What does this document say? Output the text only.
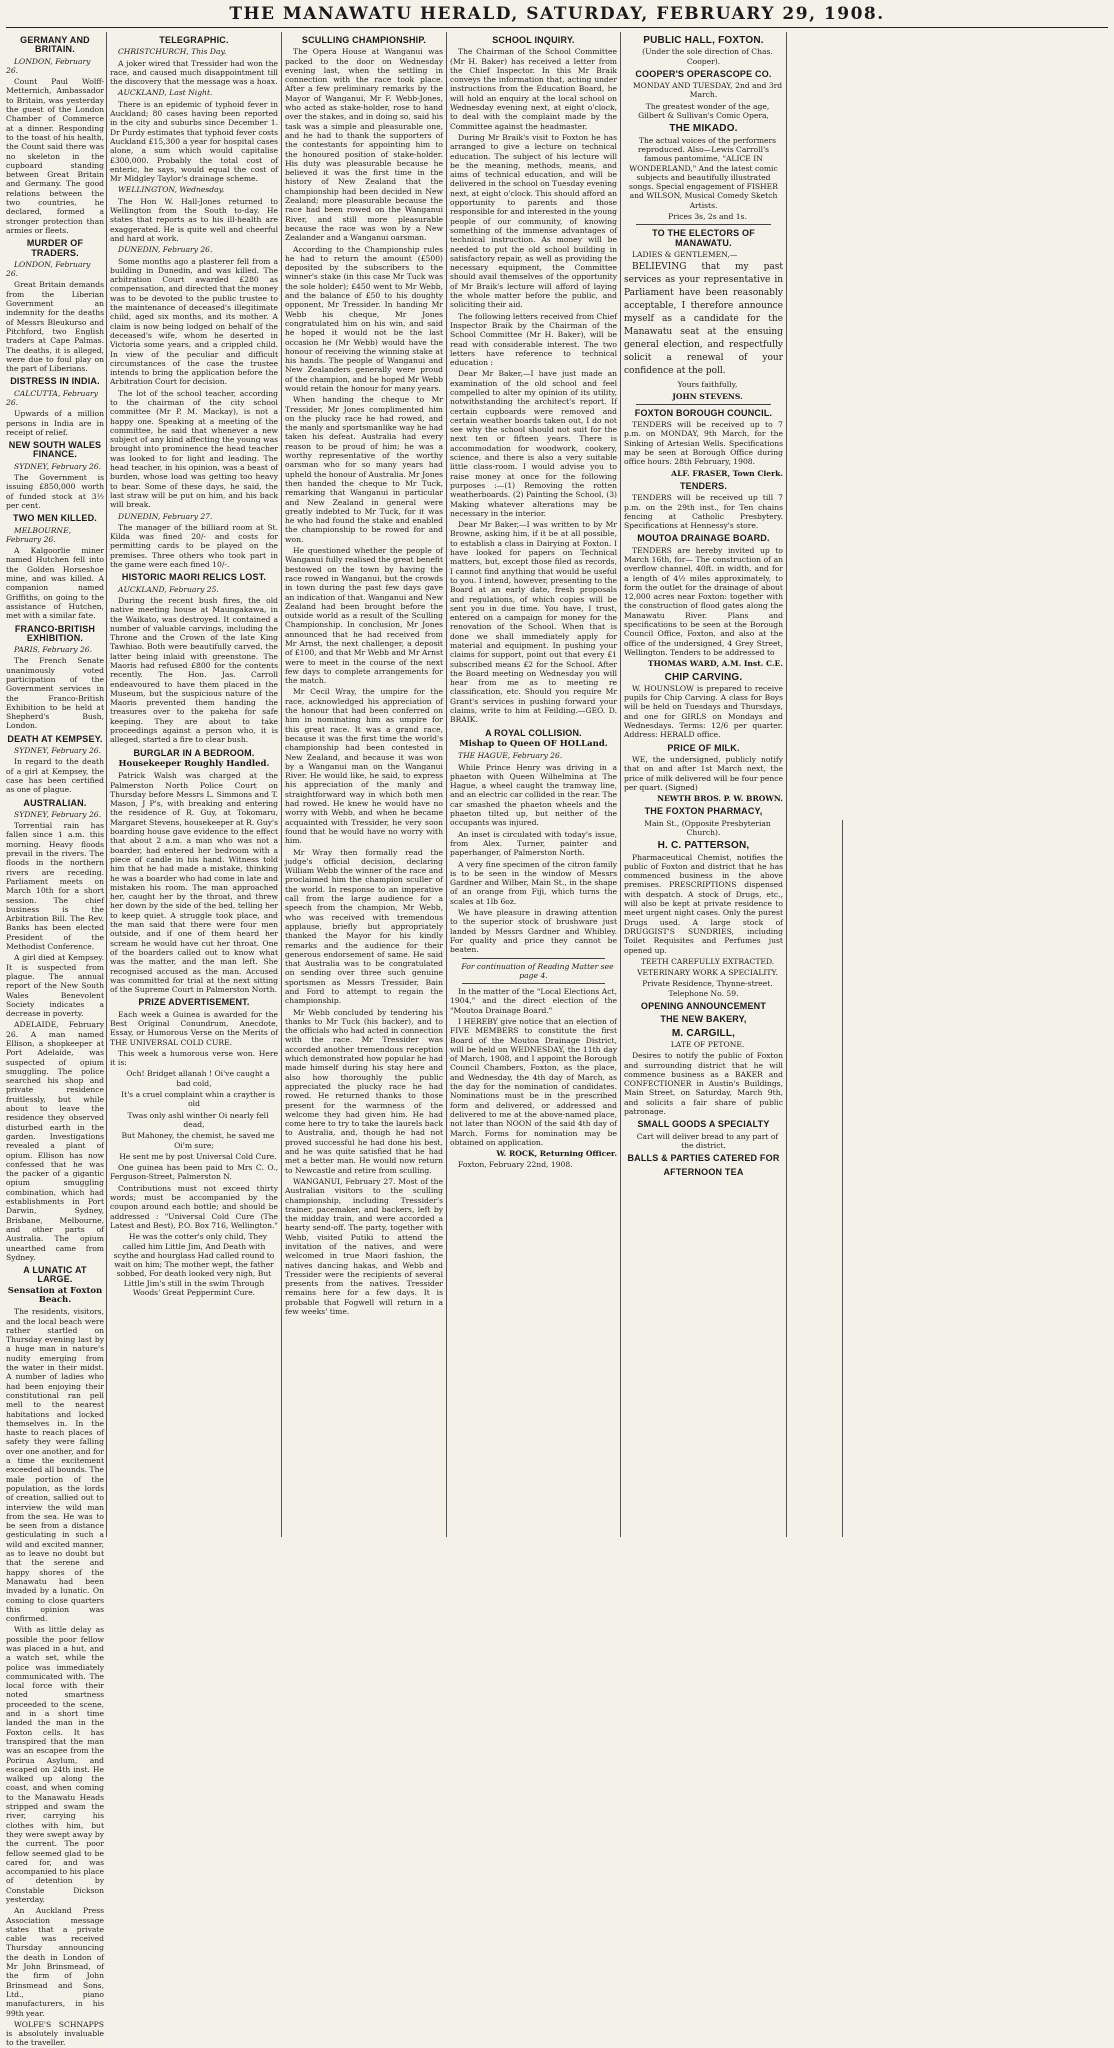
THE MANAWATU HERALD, SATURDAY, FEBRUARY 29, 1908.
GERMANY AND BRITAIN.

LONDON, February 26.

Count Paul Wolff-Metternich, Ambassador to Britain, was yesterday the guest of the London Chamber of Commerce at a dinner. Responding to the toast of his health, the Count said there was no skeleton in the cupboard standing between Great Britain and Germany. The good relations between the two countries, he declared, formed a stronger protection than armies or fleets.

MURDER OF TRADERS.

LONDON, February 26.

Great Britain demands from the Liberian Government an indemnity for the deaths of Messrs Bleukurso and Pitchford, two English traders at Cape Palmas. The deaths, it is alleged, were due to foul play on the part of Liberians.

DISTRESS IN INDIA.

CALCUTTA, February 26.

Upwards of a million persons in India are in receipt of relief.

NEW SOUTH WALES FINANCE.

SYDNEY, February 26.

The Government is issuing £850,000 worth of funded stock at 3½ per cent.

TWO MEN KILLED.

MELBOURNE, February 26.

A Kalgoorlie miner named Hutchen fell into the Golden Horseshoe mine, and was killed. A companion named Griffiths, on going to the assistance of Hutchen, met with a similar fate.

FRANCO-BRITISH EXHIBITION.

PARIS, February 26.

The French Senate unanimously voted participation of the Government services in the Franco-British Exhibition to be held at Shepherd's Bush, London.

DEATH AT KEMPSEY.

SYDNEY, February 26.

In regard to the death of a girl at Kempsey, the case has been certified as one of plague.

AUSTRALIAN.

SYDNEY, February 26.

Torrential rain has fallen since 1 a.m. this morning. Heavy floods prevail in the rivers. The floods in the northern rivers are receding. Parliament meets on March 10th for a short session. The chief business is the Arbitration Bill. The Rev. Banks has been elected President of the Methodist Conference.

A girl died at Kempsey. It is suspected from plague. The annual report of the New South Wales Benevolent Society indicates a decrease in poverty.

ADELAIDE, February 26. A man named Ellison, a shopkeeper at Port Adelaide, was suspected of opium smuggling. The police searched his shop and private residence fruitlessly, but while about to leave the residence they observed disturbed earth in the garden. Investigations revealed a plant of opium. Ellison has now confessed that he was the packer of a gigantic opium smuggling combination, which had establishments in Port Darwin, Sydney, Brisbane, Melbourne, and other parts of Australia. The opium unearthed came from Sydney.

A LUNATIC AT LARGE.
Sensation at Foxton Beach.

The residents, visitors, and the local beach were rather startled on Thursday evening last by a huge man in nature's nudity emerging from the water in their midst. A number of ladies who had been enjoying their constitutional ran pell mell to the nearest habitations and locked themselves in. In the haste to reach places of safety they were falling over one another, and for a time the excitement exceeded all bounds. The male portion of the population, as the lords of creation, sallied out to interview the wild man from the sea. He was to be seen from a distance gesticulating in such a wild and excited manner, as to leave no doubt but that the serene and happy shores of the Manawatu had been invaded by a lunatic. On coming to close quarters this opinion was confirmed.

With as little delay as possible the poor fellow was placed in a hut, and a watch set, while the police was immediately communicated with. The local force with their noted smartness proceeded to the scene, and in a short time landed the man in the Foxton cells. It has transpired that the man was an escapee from the Porirua Asylum, and escaped on 24th inst. He walked up along the coast, and when coming to the Manawatu Heads stripped and swam the river, carrying his clothes with him, but they were swept away by the current. The poor fellow seemed glad to be cared for, and was accompanied to his place of detention by Constable Dickson yesterday.

An Auckland Press Association message states that a private cable was received Thursday announcing the death in London of Mr John Brinsmead, of the firm of John Brinsmead and Sons, Ltd., piano manufacturers, in his 99th year.

WOLFE'S SCHNAPPS is absolutely invaluable to the traveller.

TELEGRAPHIC.

CHRISTCHURCH, This Day.

A joker wired that Tressider had won the race, and caused much disappointment till the discovery that the message was a hoax.

AUCKLAND, Last Night.

There is an epidemic of typhoid fever in Auckland; 80 cases having been reported in the city and suburbs since December 1. Dr Purdy estimates that typhoid fever costs Auckland £15,300 a year for hospital cases alone, a sum which would capitalise £300,000. Probably the total cost of enteric, he says, would equal the cost of Mr Midgley Taylor's drainage scheme.

WELLINGTON, Wednesday.

The Hon W. Hall-Jones returned to Wellington from the South to-day. He states that reports as to his ill-health are exaggerated. He is quite well and cheerful and hard at work.

DUNEDIN, February 26.

Some months ago a plasterer fell from a building in Dunedin, and was killed. The arbitration Court awarded £280 as compensation, and directed that the money was to be devoted to the public trustee to the maintenance of deceased's illegitimate child, aged six months, and its mother. A claim is now being lodged on behalf of the deceased's wife, whom he deserted in Victoria some years, and a crippled child. In view of the peculiar and difficult circumstances of the case the trustee intends to bring the application before the Arbitration Court for decision.

The lot of the school teacher, according to the chairman of the city school committee (Mr P. M. Mackay), is not a happy one. Speaking at a meeting of the committee, he said that whenever a new subject of any kind affecting the young was brought into prominence the head teacher was looked to for light and leading. The head teacher, in his opinion, was a beast of burden, whose load was getting too heavy to bear. Some of these days, he said, the last straw will be put on him, and his back will break.

DUNEDIN, February 27.

The manager of the billiard room at St. Kilda was fined 20/- and costs for permitting cards to be played on the premises. Three others who took part in the game were each fined 10/-.

HISTORIC MAORI RELICS LOST.

AUCKLAND, February 25.

During the recent bush fires, the old native meeting house at Maungakawa, in the Waikato, was destroyed. It contained a number of valuable carvings, including the Throne and the Crown of the late King Tawhiao. Both were beautifully carved, the latter being inlaid with greenstone. The Maoris had refused £800 for the contents recently. The Hon. Jas. Carroll endeavoured to have them placed in the Museum, but the suspicious nature of the Maoris prevented them handing the treasures over to the pakeha for safe keeping. They are about to take proceedings against a person who, it is alleged, started a fire to clear bush.

BURGLAR IN A BEDROOM.
Housekeeper Roughly Handled.

Patrick Walsh was charged at the Palmerston North Police Court on Thursday before Messrs L. Simmons and T. Mason, J P's, with breaking and entering the residence of R. Guy, at Tokomaru, Margaret Stevens, housekeeper at R. Guy's boarding house gave evidence to the effect that about 2 a.m. a man who was not a boarder, had entered her bedroom with a piece of candle in his hand. Witness told him that he had made a mistake, thinking he was a boarder who had come in late and mistaken his room. The man approached her, caught her by the throat, and threw her down by the side of the bed, telling her to keep quiet. A struggle took place, and the man said that there were four men outside, and if one of them heard her scream he would have cut her throat. One of the boarders called out to know what was the matter, and the man left. She recognised accused as the man. Accused was committed for trial at the next sitting of the Supreme Court in Palmerston North.

PRIZE ADVERTISEMENT.

Each week a Guinea is awarded for the Best Original Conundrum, Anecdote, Essay, or Humorous Verse on the Merits of THE UNIVERSAL COLD CURE.

This week a humorous verse won. Here it is:

Och! Bridget allanah ! Oi've caught a bad cold,

It's a cruel complaint whin a crayther is old

Twas only ashl winther Oi nearly fell dead,

But Mahoney, the chemist, he saved me Oi'm sure;

He sent me by post Universal Cold Cure.

One guinea has been paid to Mrs C. O., Ferguson-Street, Palmerston N.

Contributions must not exceed thirty words; must be accompanied by the coupon around each bottle; and should be addressed : "Universal Cold Cure (The Latest and Best), P.O. Box 716, Wellington."

He was the cotter's only child, They called him Little Jim, And Death with scythe and hourglass Had called round to wait on him; The mother wept, the father sobbed, For death looked very nigh, But Little Jim's still in the swim Through Woods' Great Peppermint Cure.

SCULLING CHAMPIONSHIP.

The Opera House at Wanganui was packed to the door on Wednesday evening last, when the settling in connection with the race took place. After a few preliminary remarks by the Mayor of Wanganui, Mr F. Webb-Jones, who acted as stake-holder, rose to hand over the stakes, and in doing so, said his task was a simple and pleasurable one, and he had to thank the supporters of the contestants for appointing him to the honoured position of stake-holder. His duty was pleasurable because he believed it was the first time in the history of New Zealand that the championship had been decided in New Zealand; more pleasurable because the race had been rowed on the Wanganui River, and still more pleasurable because the race was won by a New Zealander and a Wanganui oarsman.

According to the Championship rules he had to return the amount (£500) deposited by the subscribers to the winner's stake (in this case Mr Tuck was the sole holder); £450 went to Mr Webb, and the balance of £50 to his doughty opponent, Mr Tressider. In handing Mr Webb his cheque, Mr Jones congratulated him on his win, and said he hoped it would not be the last occasion he (Mr Webb) would have the honour of receiving the winning stake at his hands. The people of Wanganui and New Zealanders generally were proud of the champion, and he hoped Mr Webb would retain the honour for many years.

When handing the cheque to Mr Tressider, Mr Jones complimented him on the plucky race he had rowed, and the manly and sportsmanlike way he had taken his defeat. Australia had every reason to be proud of him; he was a worthy representative of the worthy oarsman who for so many years had upheld the honour of Australia. Mr Jones then handed the cheque to Mr Tuck, remarking that Wanganui in particular and New Zealand in general were greatly indebted to Mr Tuck, for it was he who had found the stake and enabled the championship to be rowed for and won.

He questioned whether the people of Wanganui fully realised the great benefit bestowed on the town by having the race rowed in Wanganui, but the crowds in town during the past few days gave an indication of that. Wanganui and New Zealand had been brought before the outside world as a result of the Sculling Championship. In conclusion, Mr Jones announced that he had received from Mr Arnst, the next challenger, a deposit of £100, and that Mr Webb and Mr Arnst were to meet in the course of the next few days to complete arrangements for the match.

Mr Cecil Wray, the umpire for the race, acknowledged his appreciation of the honour that had been conferred on him in nominating him as umpire for this great race. It was a grand race, because it was the first time the world's championship had been contested in New Zealand, and because it was won by a Wanganui man on the Wanganui River. He would like, he said, to express his appreciation of the manly and straightforward way in which both men had rowed. He knew he would have no worry with Webb, and when he became acquainted with Tressider, he very soon found that he would have no worry with him.

Mr Wray then formally read the judge's official decision, declaring William Webb the winner of the race and proclaimed him the champion sculler of the world. In response to an imperative call from the large audience for a speech from the champion, Mr Webb, who was received with tremendous applause, briefly but appropriately thanked the Mayor for his kindly remarks and the audience for their generous endorsement of same. He said that Australia was to be congratulated on sending over three such genuine sportsmen as Messrs Tressider, Bain and Ford to attempt to regain the championship.

Mr Webb concluded by tendering his thanks to Mr Tuck (his backer), and to the officials who had acted in connection with the race. Mr Tressider was accorded another tremendous reception which demonstrated how popular he had made himself during his stay here and also how thoroughly the public appreciated the plucky race he had rowed. He returned thanks to those present for the warmness of the welcome they had given him. He had come here to try to take the laurels back to Australia, and, though he had not proved successful he had done his best, and he was quite satisfied that he had met a better man. He would now return to Newcastle and retire from sculling.

WANGANUI, February 27. Most of the Australian visitors to the sculling championship, including Tressider's trainer, pacemaker, and backers, left by the midday train, and were accorded a hearty send-off. The party, together with Webb, visited Putiki to attend the invitation of the natives, and were welcomed in true Maori fashion, the natives dancing hakas, and Webb and Tressider were the recipients of several presents from the natives. Tressider remains here for a few days. It is probable that Fogwell will return in a few weeks' time.

SCHOOL INQUIRY.

The Chairman of the School Committee (Mr H. Baker) has received a letter from the Chief Inspector. In this Mr Braik conveys the information that, acting under instructions from the Education Board, he will hold an enquiry at the local school on Wednesday evening next, at eight o'clock, to deal with the complaint made by the Committee against the headmaster.

During Mr Braik's visit to Foxton he has arranged to give a lecture on technical education. The subject of his lecture will be the meaning, methods, means, and aims of technical education, and will be delivered in the school on Tuesday evening next, at eight o'clock. This should afford an opportunity to parents and those responsible for and interested in the young people of our community, of knowing something of the immense advantages of technical instruction. As money will be needed to put the old school building in satisfactory repair, as well as providing the necessary equipment, the Committee should avail themselves of the opportunity of Mr Braik's lecture will afford of laying the whole matter before the public, and soliciting their aid.

The following letters received from Chief Inspector Braik by the Chairman of the School Committee (Mr H. Baker), will be read with considerable interest. The two letters have reference to technical education :

Dear Mr Baker,—I have just made an examination of the old school and feel compelled to alter my opinion of its utility, notwithstanding the architect's report. If certain cupboards were removed and certain weather boards taken out, I do not see why the school should not suit for the next ten or fifteen years. There is accommodation for woodwork, cookery, science, and there is also a very suitable little class-room. I would advise you to raise money at once for the following purposes :—(1) Removing the rotten weatherboards. (2) Painting the School, (3) Making whatever alterations may be necessary in the interior.

Dear Mr Baker,—I was written to by Mr Browne, asking him, if it be at all possible, to establish a class in Dairying at Foxton. I have looked for papers on Technical matters, but, except those filed as records, I cannot find anything that would be useful to you. I intend, however, presenting to the Board at an early date, fresh proposals and regulations, of which copies will be sent you in due time. You have, I trust, entered on a campaign for money for the renovation of the School. When that is done we shall immediately apply for material and equipment. In pushing your claims for support, point out that every £1 subscribed means £2 for the School. After the Board meeting on Wednesday you will hear from me as to meeting re classification, etc. Should you require Mr Grant's services in pushing forward your claims, write to him at Feilding.—GEO. D. BRAIK.

A ROYAL COLLISION.
Mishap to Queen OF HOLLand.

THE HAGUE, February 26.

While Prince Henry was driving in a phaeton with Queen Wilhelmina at The Hague, a wheel caught the tramway line, and an electric car collided in the rear. The car smashed the phaeton wheels and the phaeton tilted up, but neither of the occupants was injured.

An inset is circulated with today's issue, from Alex. Turner, painter and paperhanger, of Palmerston North.

A very fine specimen of the citron family is to be seen in the window of Messrs Gardner and Wilber, Main St., in the shape of an orange from Fiji, which turns the scales at 1lb 6oz.

We have pleasure in drawing attention to the superior stock of brushware just landed by Messrs Gardner and Whibley. For quality and price they cannot be beaten.

For continuation of Reading Matter see page 4.

In the matter of the "Local Elections Act, 1904," and the direct election of the "Moutoa Drainage Board."

I HEREBY give notice that an election of FIVE MEMBERS to constitute the first Board of the Moutoa Drainage District, will be held on WEDNESDAY, the 11th day of March, 1908, and I appoint the Borough Council Chambers, Foxton, as the place, and Wednesday, the 4th day of March, as the day for the nomination of candidates. Nominations must be in the prescribed form and delivered, or addressed and delivered to me at the above-named place, not later than NOON of the said 4th day of March. Forms for nomination may be obtained on application.

W. ROCK, Returning Officer.

Foxton, February 22nd, 1908.

PUBLIC HALL, FOXTON.

(Under the sole direction of Chas. Cooper).

COOPER'S OPERASCOPE CO.

MONDAY AND TUESDAY, 2nd and 3rd March.

The greatest wonder of the age, Gilbert & Sullivan's Comic Opera,

THE MIKADO.

The actual voices of the performers reproduced. Also—Lewis Carroll's famous pantomime, "ALICE IN WONDERLAND," And the latest comic subjects and beautifully illustrated songs. Special engagement of FISHER and WILSON, Musical Comedy Sketch Artists.

Prices 3s, 2s and 1s.

TO THE ELECTORS OF MANAWATU.

LADIES & GENTLEMEN,—

BELIEVING that my past services as your representative in Parliament have been reasonably acceptable, I therefore announce myself as a candidate for the Manawatu seat at the ensuing general election, and respectfully solicit a renewal of your confidence at the poll.

Yours faithfully,

JOHN STEVENS.

FOXTON BOROUGH COUNCIL.

TENDERS will be received up to 7 p.m. on MONDAY, 9th March, for the Sinking of Artesian Wells. Specifications may be seen at Borough Office during office hours. 28th February, 1908.

ALF. FRASER, Town Clerk.

TENDERS.

TENDERS will be received up till 7 p.m. on the 29th inst., for Ten chains fencing at Catholic Presbytery. Specifications at Hennessy's store.

MOUTOA DRAINAGE BOARD.

TENDERS are hereby invited up to March 16th, for— The construction of an overflow channel, 40ft. in width, and for a length of 4½ miles approximately, to form the outlet for the drainage of about 12,000 acres near Foxton: together with the construction of flood gates along the Manawatu River. Plans and specifications to be seen at the Borough Council Office, Foxton, and also at the office of the undersigned, 4 Grey Street, Wellington. Tenders to be addressed to

THOMAS WARD, A.M. Inst. C.E.

CHIP CARVING.

W. HOUNSLOW is prepared to receive pupils for Chip Carving. A class for Boys will be held on Tuesdays and Thursdays, and one for GIRLS on Mondays and Wednesdays. Terms: 12/6 per quarter. Address: HERALD office.

PRICE OF MILK.

WE, the undersigned, publicly notify that on and after 1st March next, the price of milk delivered will be four pence per quart. (Signed)

NEWTH BROS. P. W. BROWN.

THE FOXTON PHARMACY,

Main St., (Opposite Presbyterian Church).

H. C. PATTERSON,

Pharmaceutical Chemist, notifies the public of Foxton and district that he has commenced business in the above premises. PRESCRIPTIONS dispensed with despatch. A stock of Drugs, etc., will also be kept at private residence to meet urgent night cases. Only the purest Drugs used. A large stock of DRUGGIST'S SUNDRIES, including Toilet Requisites and Perfumes just opened up.

TEETH CAREFULLY EXTRACTED.

VETERINARY WORK A SPECIALITY.

Private Residence, Thynne-street. Telephone No. 59.

OPENING ANNOUNCEMENT
THE NEW BAKERY,
M. CARGILL,

LATE OF PETONE.

Desires to notify the public of Foxton and surrounding district that he will commence business as a BAKER and CONFECTIONER in Austin's Buildings, Main Street, on Saturday, March 9th, and solicits a fair share of public patronage.

SMALL GOODS A SPECIALTY

Cart will deliver bread to any part of the district.

BALLS & PARTIES CATERED FOR
AFTERNOON TEA
